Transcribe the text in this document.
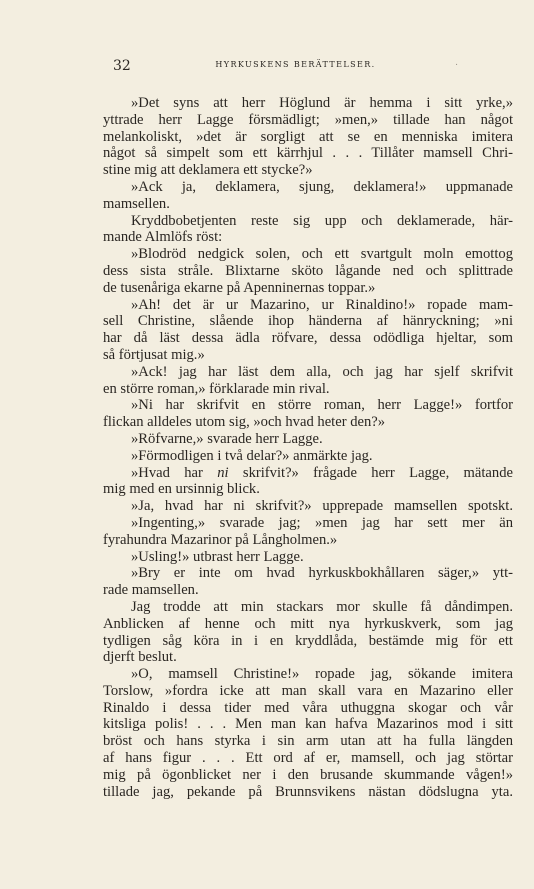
32	HYRKUSKENS BERÄTTELSER.	.
»Det syns att herr Höglund är hemma i sitt yrke,»
yttrade herr Lagge försmädligt; »men,» tillade han något
melankoliskt, »det är sorgligt att se en menniska imitera
något så simpelt som ett kärrhjul . . . Tillåter mamsell Chri-
stine mig att deklamera ett stycke?»
»Ack ja, deklamera, sjung, deklamera!» uppmanade
mamsellen.
Kryddbobetjenten reste sig upp och deklamerade, här-
mande Almlöfs röst:
»Blodröd nedgick solen, och ett svartgult moln emottog
dess sista stråle. Blixtarne sköto lågande ned och splittrade
de tusenåriga ekarne på Apenninernas toppar.»
»Ah! det är ur Mazarino, ur Rinaldino!» ropade mam-
sell Christine, slående ihop händerna af hänryckning; »ni
har då läst dessa ädla röfvare, dessa odödliga hjeltar, som
så förtjusat mig.»
»Ack! jag har läst dem alla, och jag har sjelf skrifvit
en större roman,» förklarade min rival.
»Ni har skrifvit en större roman, herr Lagge!» fortfor
flickan alldeles utom sig, »och hvad heter den?»
»Röfvarne,» svarade herr Lagge.
»Förmodligen i två delar?» anmärkte jag.
»Hvad har ni skrifvit?» frågade herr Lagge, mätande
mig med en ursinnig blick.
»Ja, hvad har ni skrifvit?» upprepade mamsellen spotskt.
»Ingenting,» svarade jag; »men jag har sett mer än
fyrahundra Mazarinor på Långholmen.»
»Usling!» utbrast herr Lagge.
»Bry er inte om hvad hyrkuskbokhållaren säger,» ytt-
rade mamsellen.
Jag trodde att min stackars mor skulle få dåndimpen.
Anblicken af henne och mitt nya hyrkuskverk, som jag
tydligen såg köra in i en kryddlåda, bestämde mig för ett
djerft beslut.
»O, mamsell Christine!» ropade jag, sökande imitera
Torslow, »fordra icke att man skall vara en Mazarino eller
Rinaldo i dessa tider med våra uthuggna skogar och vår
kitsliga polis! . . . Men man kan hafva Mazarinos mod i sitt
bröst och hans styrka i sin arm utan att ha fulla längden
af hans figur . . . Ett ord af er, mamsell, och jag störtar
mig på ögonblicket ner i den brusande skummande vågen!»
tillade jag, pekande på Brunnsvikens nästan dödslugna yta.
